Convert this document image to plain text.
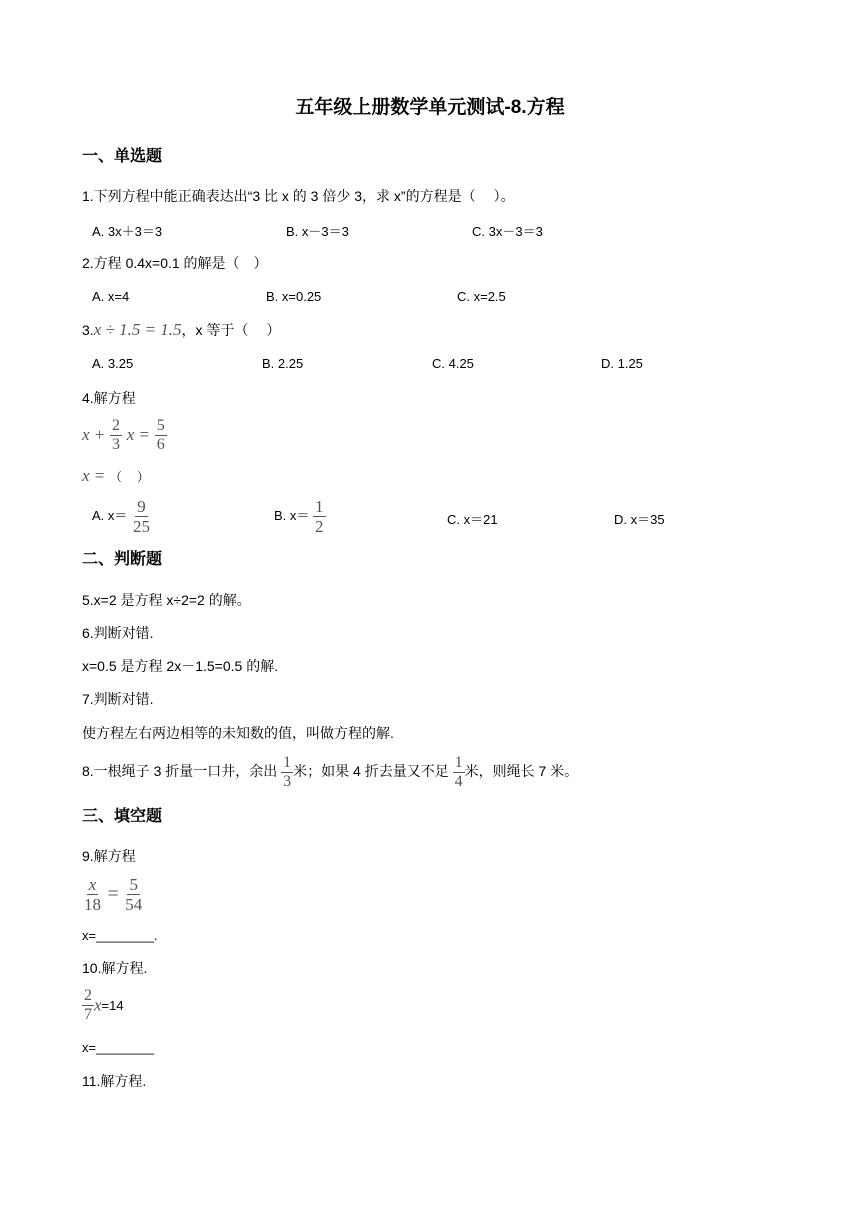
五年级上册数学单元测试-8.方程
一、单选题
1.下列方程中能正确表达出“3 比 x 的 3 倍少 3，求 x”的方程是（　 ）。
A. 3x＋3＝3	B. x－3＝3	C. 3x－3＝3
2.方程 0.4x=0.1 的解是（　）
A. x=4	B. x=0.25	C. x=2.5
3.x ÷ 1.5 = 1.5，x 等于（　 ）
A. 3.25	B. 2.25	C. 4.25	D. 1.25
4.解方程
$x + \frac{2}{3}$ $x = \frac{5}{6}$
x = （　 ）
A. $x= \frac{9}{25}$	B. $x= \frac{1}{2}$	C. x＝21	D. x＝35
二、判断题
5.x=2 是方程 x÷2=2 的解。
6.判断对错.
x=0.5 是方程 2x－1.5=0.5 的解.
7.判断对错.
使方程左右两边相等的未知数的值，叫做方程的解.
8.一根绳子 3 折量一口井，余出 $\frac{1}{3}$ 米；如果 4 折去量又不足 $\frac{1}{4}$ 米，则绳长 7 米。
三、填空题
9.解方程
$\frac{x}{18} = \frac{5}{54}$
x=________.
10.解方程.
$\frac{2}{7} x=14$
x=________
11.解方程.
